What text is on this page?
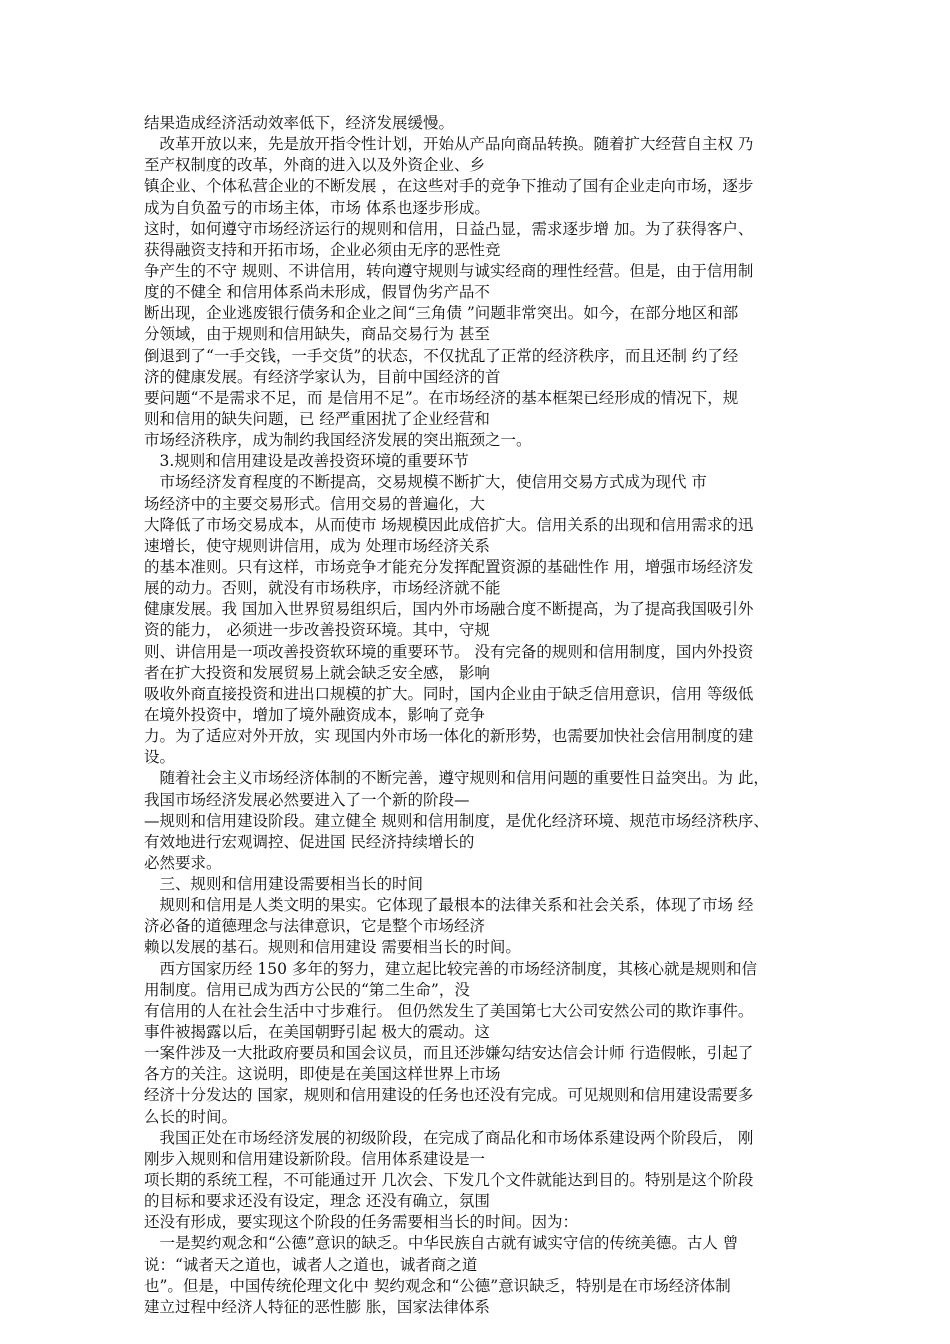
结果造成经济活动效率低下，经济发展缓慢。

　改革开放以来，先是放开指令性计划，开始从产品向商品转换。随着扩大经营自主权 乃

至产权制度的改革，外商的进入以及外资企业、乡

镇企业、个体私营企业的不断发展 ，在这些对手的竞争下推动了国有企业走向市场，逐步

成为自负盈亏的市场主体，市场 体系也逐步形成。

这时，如何遵守市场经济运行的规则和信用，日益凸显，需求逐步增 加。为了获得客户、

获得融资支持和开拓市场，企业必须由无序的恶性竞

争产生的不守 规则、不讲信用，转向遵守规则与诚实经商的理性经营。但是，由于信用制

度的不健全 和信用体系尚未形成，假冒伪劣产品不

断出现，企业逃废银行债务和企业之间“三角债 ”问题非常突出。如今，在部分地区和部

分领域，由于规则和信用缺失，商品交易行为 甚至

倒退到了“一手交钱，一手交货”的状态，不仅扰乱了正常的经济秩序，而且还制 约了经

济的健康发展。有经济学家认为，目前中国经济的首

要问题“不是需求不足，而 是信用不足”。在市场经济的基本框架已经形成的情况下，规

则和信用的缺失问题，已 经严重困扰了企业经营和

市场经济秩序，成为制约我国经济发展的突出瓶颈之一。

　3.规则和信用建设是改善投资环境的重要环节

　市场经济发育程度的不断提高，交易规模不断扩大，使信用交易方式成为现代 市

场经济中的主要交易形式。信用交易的普遍化，大

大降低了市场交易成本，从而使市 场规模因此成倍扩大。信用关系的出现和信用需求的迅

速增长，使守规则讲信用，成为 处理市场经济关系

的基本准则。只有这样，市场竞争才能充分发挥配置资源的基础性作 用，增强市场经济发

展的动力。否则，就没有市场秩序，市场经济就不能

健康发展。我 国加入世界贸易组织后，国内外市场融合度不断提高，为了提高我国吸引外

资的能力， 必须进一步改善投资环境。其中，守规

则、讲信用是一项改善投资软环境的重要环节。 没有完备的规则和信用制度，国内外投资

者在扩大投资和发展贸易上就会缺乏安全感， 影响

吸收外商直接投资和进出口规模的扩大。同时，国内企业由于缺乏信用意识，信用 等级低

在境外投资中，增加了境外融资成本，影响了竞争

力。为了适应对外开放，实 现国内外市场一体化的新形势，也需要加快社会信用制度的建

设。

　随着社会主义市场经济体制的不断完善，遵守规则和信用问题的重要性日益突出。为 此，

我国市场经济发展必然要进入了一个新的阶段—

—规则和信用建设阶段。建立健全 规则和信用制度，是优化经济环境、规范市场经济秩序、

有效地进行宏观调控、促进国 民经济持续增长的

必然要求。

　三、规则和信用建设需要相当长的时间

　规则和信用是人类文明的果实。它体现了最根本的法律关系和社会关系，体现了市场 经

济必备的道德理念与法律意识，它是整个市场经济

赖以发展的基石。规则和信用建设 需要相当长的时间。

　西方国家历经 150 多年的努力，建立起比较完善的市场经济制度，其核心就是规则和信

用制度。信用已成为西方公民的“第二生命”，没

有信用的人在社会生活中寸步难行。 但仍然发生了美国第七大公司安然公司的欺诈事件。

事件被揭露以后，在美国朝野引起 极大的震动。这

一案件涉及一大批政府要员和国会议员，而且还涉嫌勾结安达信会计师 行造假帐，引起了

各方的关注。这说明，即使是在美国这样世界上市场

经济十分发达的 国家，规则和信用建设的任务也还没有完成。可见规则和信用建设需要多

么长的时间。

　我国正处在市场经济发展的初级阶段，在完成了商品化和市场体系建设两个阶段后， 刚

刚步入规则和信用建设新阶段。信用体系建设是一

项长期的系统工程，不可能通过开 几次会、下发几个文件就能达到目的。特别是这个阶段

的目标和要求还没有设定，理念 还没有确立，氛围

还没有形成，要实现这个阶段的任务需要相当长的时间。因为：

　一是契约观念和“公德”意识的缺乏。中华民族自古就有诚实守信的传统美德。古人 曾

说：“诚者天之道也，诚者人之道也，诚者商之道

也”。但是，中国传统伦理文化中 契约观念和“公德”意识缺乏，特别是在市场经济体制

建立过程中经济人特征的恶性膨 胀，国家法律体系
